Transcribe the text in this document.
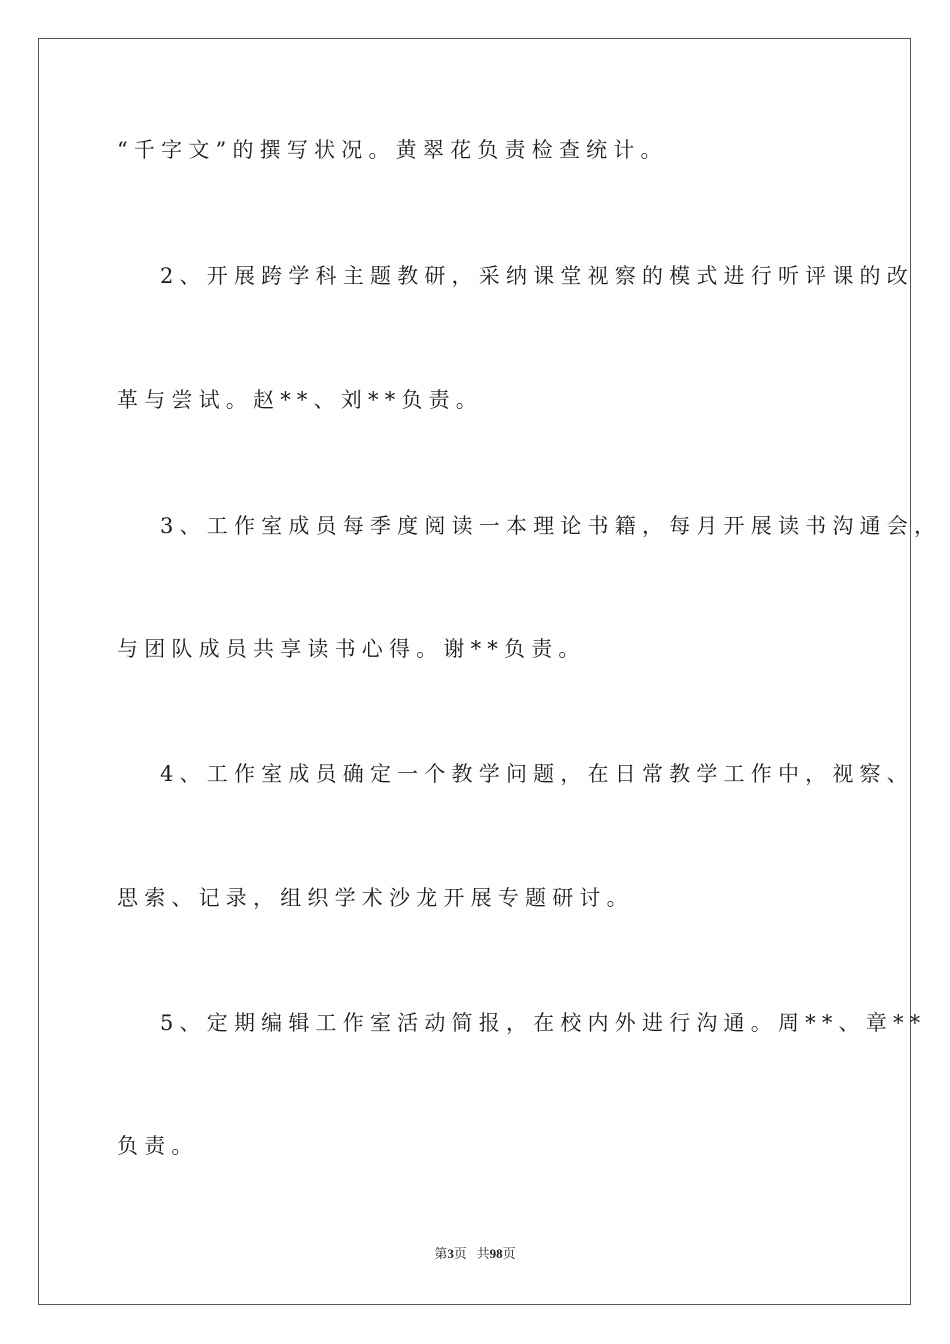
“千字文”的撰写状况。黄翠花负责检查统计。
2、开展跨学科主题教研，采纳课堂视察的模式进行听评课的改
革与尝试。赵**、刘**负责。
3、工作室成员每季度阅读一本理论书籍，每月开展读书沟通会，
与团队成员共享读书心得。谢**负责。
4、工作室成员确定一个教学问题，在日常教学工作中，视察、
思索、记录，组织学术沙龙开展专题研讨。
5、定期编辑工作室活动简报，在校内外进行沟通。周**、章**
负责。
第3页 共98页
